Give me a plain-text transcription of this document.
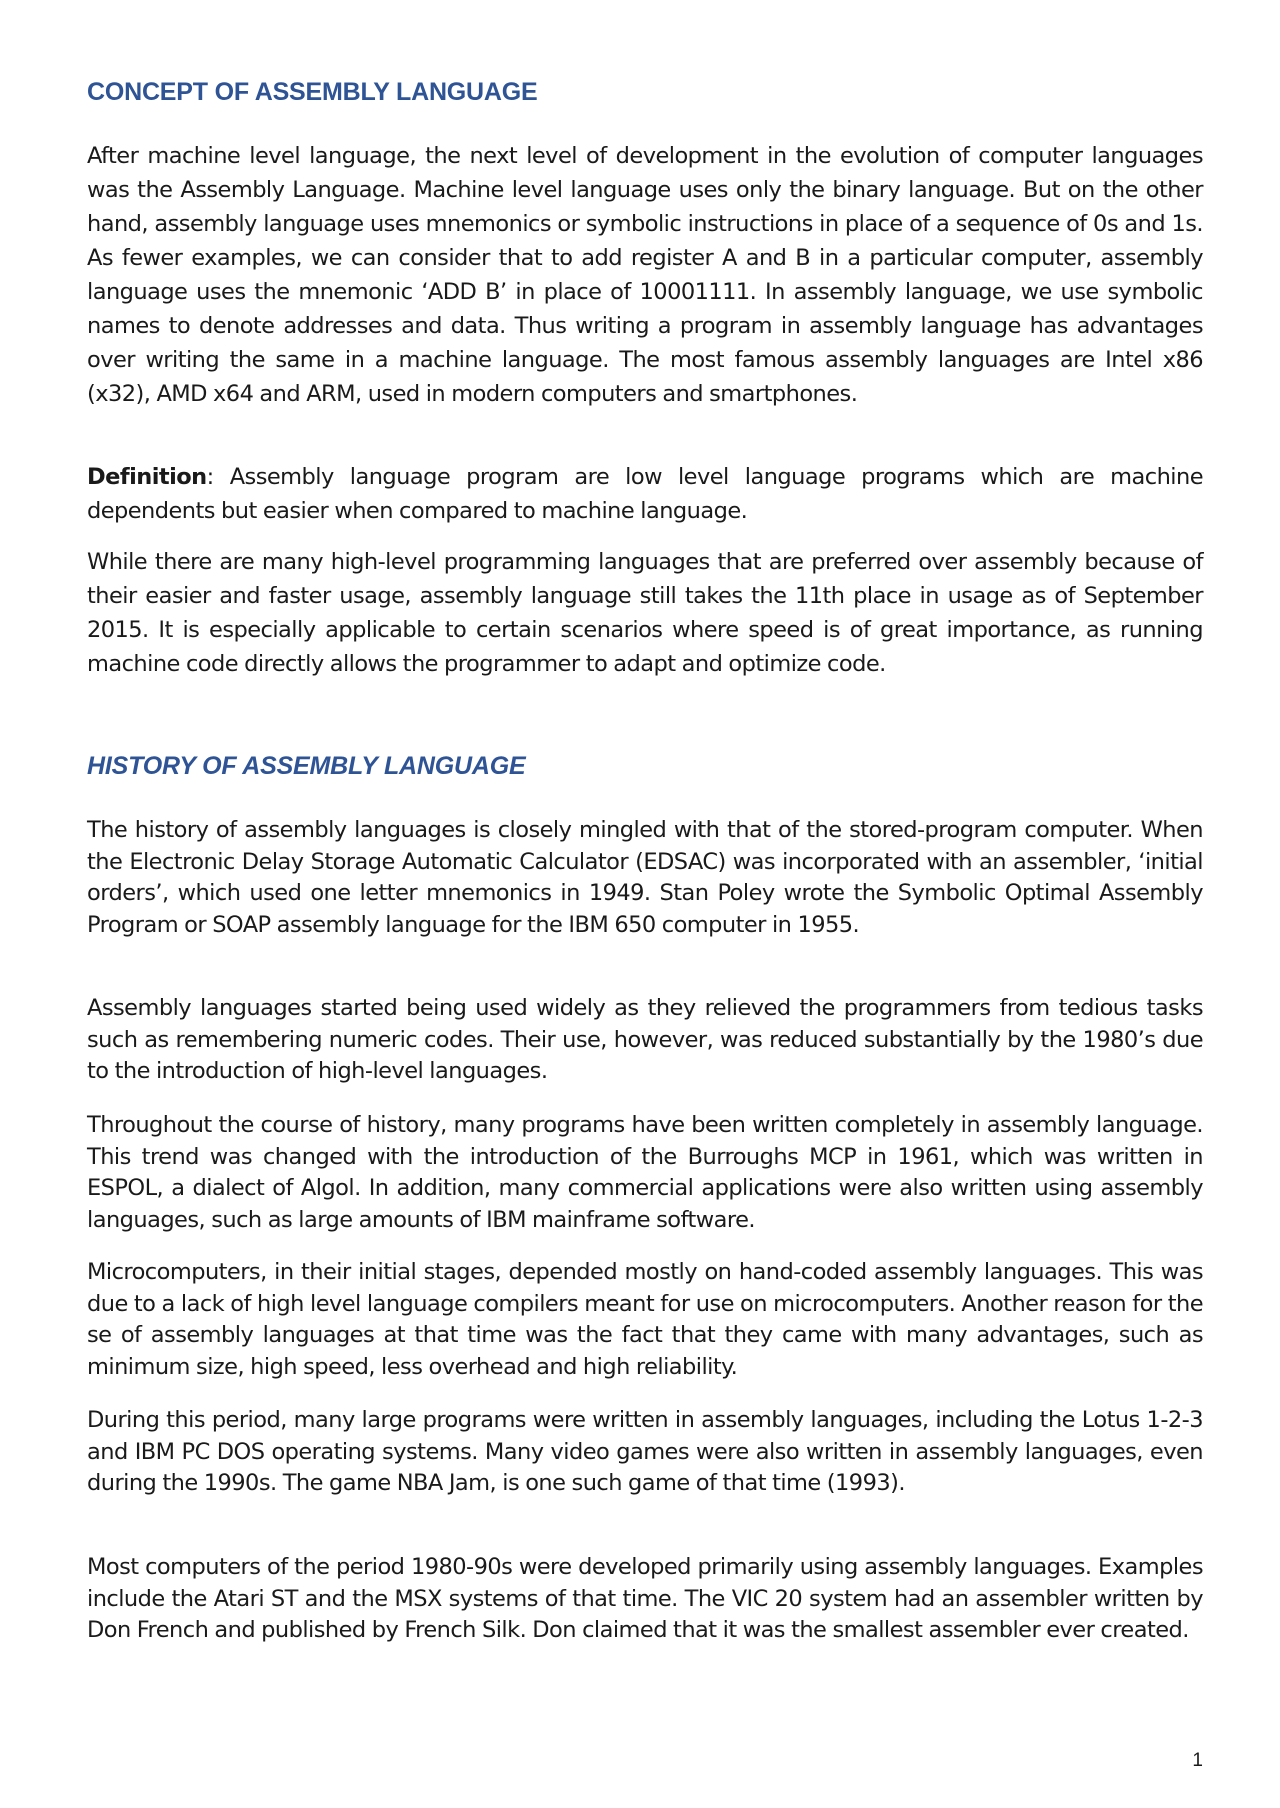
CONCEPT OF ASSEMBLY LANGUAGE

After machine level language, the next level of development in the evolution of computer languages was the Assembly Language. Machine level language uses only the binary language. But on the other hand, assembly language uses mnemonics or symbolic instructions in place of a sequence of 0s and 1s. As fewer examples, we can consider that to add register A and B in a particular computer, assembly language uses the mnemonic ‘ADD B’ in place of 10001111. In assembly language, we use symbolic names to denote addresses and data. Thus writing a program in assembly language has advantages over writing the same in a machine language. The most famous assembly languages are Intel x86 (x32), AMD x64 and ARM, used in modern computers and smartphones.

Definition: Assembly language program are low level language programs which are machine dependents but easier when compared to machine language.

While there are many high-level programming languages that are preferred over assembly because of their easier and faster usage, assembly language still takes the 11th place in usage as of September 2015. It is especially applicable to certain scenarios where speed is of great importance, as running machine code directly allows the programmer to adapt and optimize code.

HISTORY OF ASSEMBLY LANGUAGE

The history of assembly languages is closely mingled with that of the stored-program computer. When the Electronic Delay Storage Automatic Calculator (EDSAC) was incorporated with an assembler, ‘initial orders’, which used one letter mnemonics in 1949. Stan Poley wrote the Symbolic Optimal Assembly Program or SOAP assembly language for the IBM 650 computer in 1955.

Assembly languages started being used widely as they relieved the programmers from tedious tasks such as remembering numeric codes. Their use, however, was reduced substantially by the 1980’s due to the introduction of high-level languages.

Throughout the course of history, many programs have been written completely in assembly language. This trend was changed with the introduction of the Burroughs MCP in 1961, which was written in ESPOL, a dialect of Algol. In addition, many commercial applications were also written using assembly languages, such as large amounts of IBM mainframe software.

Microcomputers, in their initial stages, depended mostly on hand-coded assembly languages. This was due to a lack of high level language compilers meant for use on microcomputers. Another reason for the se of assembly languages at that time was the fact that they came with many advantages, such as minimum size, high speed, less overhead and high reliability.

During this period, many large programs were written in assembly languages, including the Lotus 1-2-3 and IBM PC DOS operating systems. Many video games were also written in assembly languages, even during the 1990s. The game NBA Jam, is one such game of that time (1993).

Most computers of the period 1980-90s were developed primarily using assembly languages. Examples include the Atari ST and the MSX systems of that time. The VIC 20 system had an assembler written by Don French and published by French Silk. Don claimed that it was the smallest assembler ever created.

1
